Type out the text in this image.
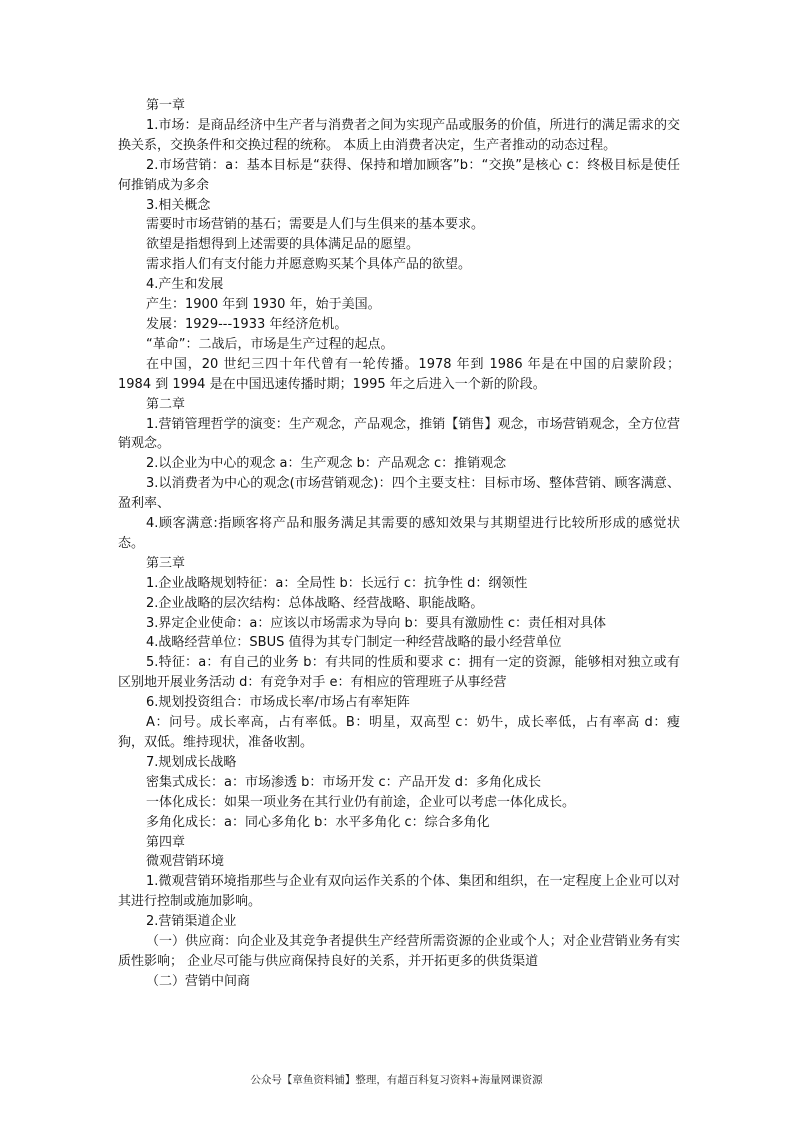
第一章

1.市场：是商品经济中生产者与消费者之间为实现产品或服务的价值，所进行的满足需求的交换关系，交换条件和交换过程的统称。 本质上由消费者决定，生产者推动的动态过程。

2.市场营销：a：基本目标是“获得、保持和增加顾客”b：“交换”是核心 c：终极目标是使任何推销成为多余

3.相关概念

需要时市场营销的基石；需要是人们与生俱来的基本要求。

欲望是指想得到上述需要的具体满足品的愿望。

需求指人们有支付能力并愿意购买某个具体产品的欲望。

4.产生和发展

产生：1900 年到 1930 年，始于美国。

发展：1929---1933 年经济危机。

“革命”：二战后，市场是生产过程的起点。

在中国，20 世纪三四十年代曾有一轮传播。1978 年到 1986 年是在中国的启蒙阶段；1984 到 1994 是在中国迅速传播时期；1995 年之后进入一个新的阶段。

第二章

1.营销管理哲学的演变：生产观念，产品观念，推销【销售】观念，市场营销观念，全方位营销观念。

2.以企业为中心的观念 a：生产观念 b：产品观念 c：推销观念

3.以消费者为中心的观念(市场营销观念)：四个主要支柱：目标市场、整体营销、顾客满意、盈利率、

4.顾客满意:指顾客将产品和服务满足其需要的感知效果与其期望进行比较所形成的感觉状态。

第三章

1.企业战略规划特征：a：全局性 b：长远行 c：抗争性 d：纲领性

2.企业战略的层次结构：总体战略、经营战略、职能战略。

3.界定企业使命：a：应该以市场需求为导向 b：要具有激励性 c：责任相对具体

4.战略经营单位：SBUS 值得为其专门制定一种经营战略的最小经营单位

5.特征：a：有自己的业务 b：有共同的性质和要求 c：拥有一定的资源，能够相对独立或有区别地开展业务活动 d：有竞争对手 e：有相应的管理班子从事经营

6.规划投资组合：市场成长率/市场占有率矩阵

A：问号。成长率高，占有率低。B：明星，双高型 c：奶牛，成长率低，占有率高 d：瘦狗，双低。维持现状，准备收割。

7.规划成长战略

密集式成长：a：市场渗透 b：市场开发 c：产品开发 d：多角化成长

一体化成长：如果一项业务在其行业仍有前途，企业可以考虑一体化成长。

多角化成长：a：同心多角化 b：水平多角化 c：综合多角化

第四章

微观营销环境

1.微观营销环境指那些与企业有双向运作关系的个体、集团和组织，在一定程度上企业可以对其进行控制或施加影响。

2.营销渠道企业

（一）供应商：向企业及其竞争者提供生产经营所需资源的企业或个人；对企业营销业务有实质性影响； 企业尽可能与供应商保持良好的关系，并开拓更多的供货渠道

（二）营销中间商

公众号【章鱼资料铺】整理，有超百科复习资料+海量网课资源
